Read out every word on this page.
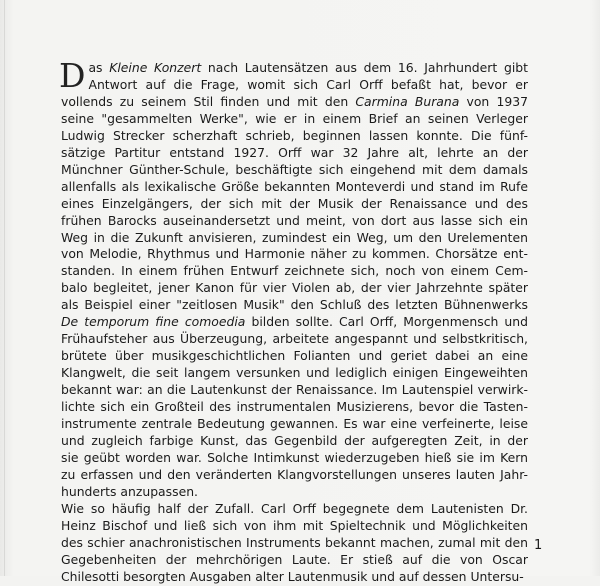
D as Kleine Konzert nach Lautensätzen aus dem 16. Jahrhundert gibt
Antwort auf die Frage, womit sich Carl Orff befaßt hat, bevor er
vollends zu seinem Stil finden und mit den Carmina Burana von 1937
seine "gesammelten Werke", wie er in einem Brief an seinen Verleger
Ludwig Strecker scherzhaft schrieb, beginnen lassen konnte. Die fünf-
sätzige Partitur entstand 1927. Orff war 32 Jahre alt, lehrte an der
Münchner Günther-Schule, beschäftigte sich eingehend mit dem damals
allenfalls als lexikalische Größe bekannten Monteverdi und stand im Rufe
eines Einzelgängers, der sich mit der Musik der Renaissance und des
frühen Barocks auseinandersetzt und meint, von dort aus lasse sich ein
Weg in die Zukunft anvisieren, zumindest ein Weg, um den Urelementen
von Melodie, Rhythmus und Harmonie näher zu kommen. Chorsätze ent-
standen. In einem frühen Entwurf zeichnete sich, noch von einem Cem-
balo begleitet, jener Kanon für vier Violen ab, der vier Jahrzehnte später
als Beispiel einer "zeitlosen Musik" den Schluß des letzten Bühnenwerks
De temporum fine comoedia bilden sollte. Carl Orff, Morgenmensch und
Frühaufsteher aus Überzeugung, arbeitete angespannt und selbstkritisch,
brütete über musikgeschichtlichen Folianten und geriet dabei an eine
Klangwelt, die seit langem versunken und lediglich einigen Eingeweihten
bekannt war: an die Lautenkunst der Renaissance. Im Lautenspiel verwirk-
lichte sich ein Großteil des instrumentalen Musizierens, bevor die Tasten-
instrumente zentrale Bedeutung gewannen. Es war eine verfeinerte, leise
und zugleich farbige Kunst, das Gegenbild der aufgeregten Zeit, in der
sie geübt worden war. Solche Intimkunst wiederzugeben hieß sie im Kern
zu erfassen und den veränderten Klangvorstellungen unseres lauten Jahr-
hunderts anzupassen.
Wie so häufig half der Zufall. Carl Orff begegnete dem Lautenisten Dr.
Heinz Bischof und ließ sich von ihm mit Spieltechnik und Möglichkeiten
des schier anachronistischen Instruments bekannt machen, zumal mit den
Gegebenheiten der mehrchörigen Laute. Er stieß auf die von Oscar
Chilesotti besorgten Ausgaben alter Lautenmusik und auf dessen Untersu-
1
